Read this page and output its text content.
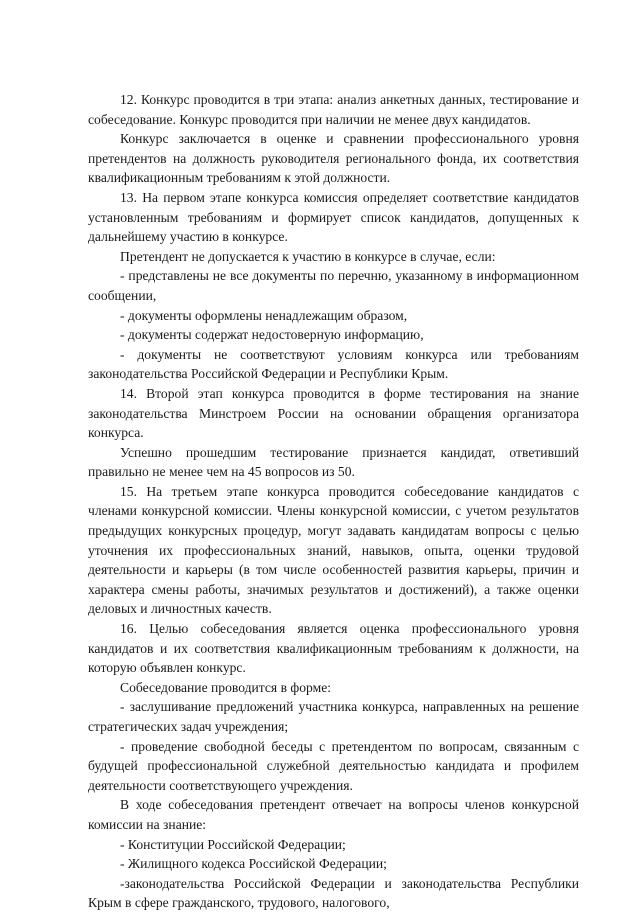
12. Конкурс проводится в три этапа: анализ анкетных данных, тестирование и собеседование. Конкурс проводится при наличии не менее двух кандидатов.

Конкурс заключается в оценке и сравнении профессионального уровня претендентов на должность руководителя регионального фонда, их соответствия квалификационным требованиям к этой должности.

13. На первом этапе конкурса комиссия определяет соответствие кандидатов установленным требованиям и формирует список кандидатов, допущенных к дальнейшему участию в конкурсе.

Претендент не допускается к участию в конкурсе в случае, если:

- представлены не все документы по перечню, указанному в информационном сообщении,

- документы оформлены ненадлежащим образом,

- документы содержат недостоверную информацию,

- документы не соответствуют условиям конкурса или требованиям законодательства Российской Федерации и Республики Крым.

14. Второй этап конкурса проводится в форме тестирования на знание законодательства Минстроем России на основании обращения организатора конкурса.

Успешно прошедшим тестирование признается кандидат, ответивший правильно не менее чем на 45 вопросов из 50.

15. На третьем этапе конкурса проводится собеседование кандидатов с членами конкурсной комиссии. Члены конкурсной комиссии, с учетом результатов предыдущих конкурсных процедур, могут задавать кандидатам вопросы с целью уточнения их профессиональных знаний, навыков, опыта, оценки трудовой деятельности и карьеры (в том числе особенностей развития карьеры, причин и характера смены работы, значимых результатов и достижений), а также оценки деловых и личностных качеств.

16. Целью собеседования является оценка профессионального уровня кандидатов и их соответствия квалификационным требованиям к должности, на которую объявлен конкурс.

Собеседование проводится в форме:

- заслушивание предложений участника конкурса, направленных на решение стратегических задач учреждения;

- проведение свободной беседы с претендентом по вопросам, связанным с будущей профессиональной служебной деятельностью кандидата и профилем деятельности соответствующего учреждения.

В ходе собеседования претендент отвечает на вопросы членов конкурсной комиссии на знание:

- Конституции Российской Федерации;

- Жилищного кодекса Российской Федерации;

-законодательства Российской Федерации и законодательства Республики Крым в сфере гражданского, трудового, налогового,
